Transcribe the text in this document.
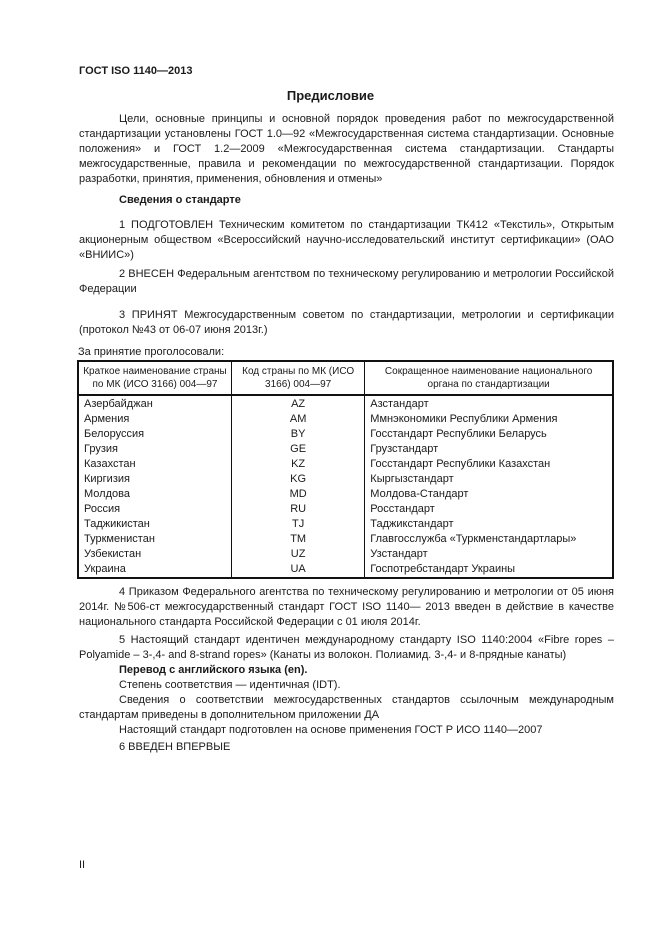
ГОСТ ISO 1140—2013
Предисловие
Цели, основные принципы и основной порядок проведения работ по межгосударственной стандартизации установлены ГОСТ 1.0—92 «Межгосударственная система стандартизации. Основные положения» и ГОСТ 1.2—2009 «Межгосударственная система стандартизации. Стандарты межгосударственные, правила и рекомендации по межгосударственной стандартизации. Порядок разработки, принятия, применения, обновления и отмены»
Сведения о стандарте
1 ПОДГОТОВЛЕН Техническим комитетом по стандартизации ТК412 «Текстиль», Открытым акционерным обществом «Всероссийский научно-исследовательский институт сертификации» (ОАО «ВНИИС»)
2 ВНЕСЕН Федеральным агентством по техническому регулированию и метрологии Российской Федерации
3 ПРИНЯТ Межгосударственным советом по стандартизации, метрологии и сертификации (протокол №43 от 06-07 июня 2013г.)
За принятие проголосовали:
Краткое наименование страны по МК (ИСО 3166) 004—97	Код страны по МК (ИСО 3166) 004—97	Сокращенное наименование национального органа по стандартизации
Азербайджан	AZ	Азстандарт
Армения	AM	Ммнэкономики Республики Армения
Белоруссия	BY	Госстандарт Республики Беларусь
Грузия	GE	Грузстандарт
Казахстан	KZ	Госстандарт Республики Казахстан
Киргизия	KG	Кыргызстандарт
Молдова	MD	Молдова-Стандарт
Россия	RU	Росстандарт
Таджикистан	TJ	Таджикстандарт
Туркменистан	TM	Главгосслужба «Туркменстандартлары»
Узбекистан	UZ	Узстандарт
Украина	UA	Госпотребстандарт Украины
4 Приказом Федерального агентства по техническому регулированию и метрологии от 05 июня 2014г. №506-ст межгосударственный стандарт ГОСТ ISO 1140— 2013 введен в действие в качестве национального стандарта Российской Федерации с 01 июля 2014г.

5 Настоящий стандарт идентичен международному стандарту ISO 1140:2004 «Fibre ropes – Polyamide – 3-,4- and 8-strand ropes» (Канаты из волокон. Полиамид. 3-,4- и 8-прядные канаты)

Перевод с английского языка (en).

Степень соответствия — идентичная (IDT).

Сведения о соответствии межгосударственных стандартов ссылочным международным стандартам приведены в дополнительном приложении ДА

Настоящий стандарт подготовлен на основе применения ГОСТ Р ИСО 1140—2007

6 ВВЕДЕН ВПЕРВЫЕ
II
